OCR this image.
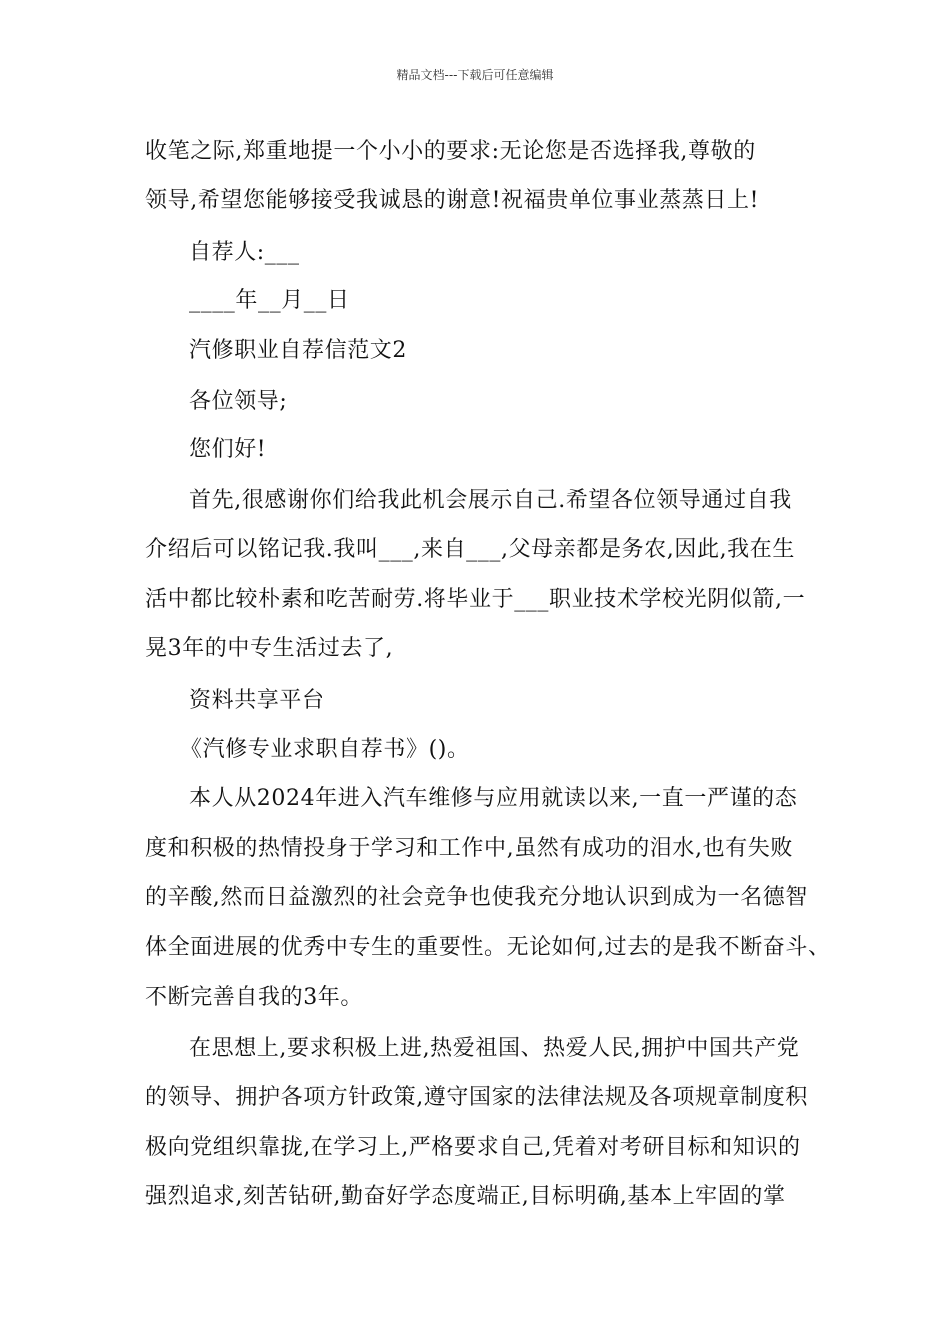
精品文档---下载后可任意编辑
收笔之际,郑重地提一个小小的要求:无论您是否选择我,尊敬的
领导,希望您能够接受我诚恳的谢意!祝福贵单位事业蒸蒸日上!
自荐人:___
____年__月__日
汽修职业自荐信范文2
各位领导;
您们好!
首先,很感谢你们给我此机会展示自己.希望各位领导通过自我
介绍后可以铭记我.我叫___,来自___,父母亲都是务农,因此,我在生
活中都比较朴素和吃苦耐劳.将毕业于___职业技术学校光阴似箭,一
晃3年的中专生活过去了,
资料共享平台
《汽修专业求职自荐书》()。
本人从2024年进入汽车维修与应用就读以来,一直一严谨的态
度和积极的热情投身于学习和工作中,虽然有成功的泪水,也有失败
的辛酸,然而日益激烈的社会竞争也使我充分地认识到成为一名德智
体全面进展的优秀中专生的重要性。无论如何,过去的是我不断奋斗、
不断完善自我的3年。
在思想上,要求积极上进,热爱祖国、热爱人民,拥护中国共产党
的领导、拥护各项方针政策,遵守国家的法律法规及各项规章制度积
极向党组织靠拢,在学习上,严格要求自己,凭着对考研目标和知识的
强烈追求,刻苦钻研,勤奋好学态度端正,目标明确,基本上牢固的掌
